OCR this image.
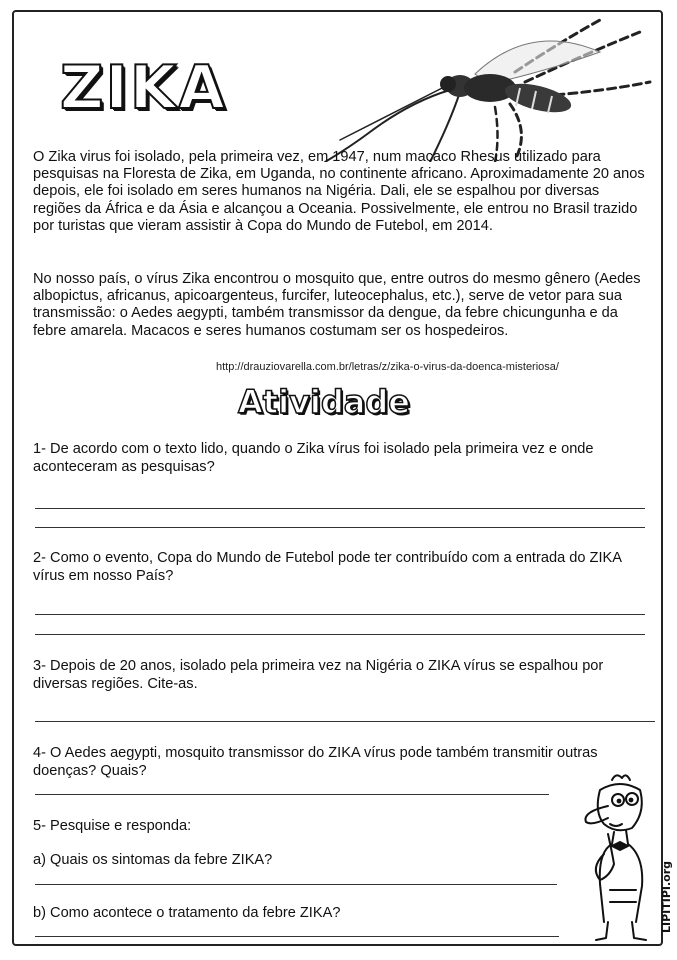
ZIKA

O Zika virus foi isolado, pela primeira vez, em 1947, num macaco Rhesus utilizado para pesquisas na Floresta de Zika, em Uganda, no continente africano. Aproximadamente 20 anos depois, ele foi isolado em seres humanos na Nigéria. Dali, ele se espalhou por diversas regiões da África e da Ásia e alcançou a Oceania. Possivelmente, ele entrou no Brasil trazido por turistas que vieram assistir à Copa do Mundo de Futebol, em 2014.

No nosso país, o vírus Zika encontrou o mosquito que, entre outros do mesmo gênero (Aedes albopictus, africanus, apicoargenteus, furcifer, luteocephalus, etc.), serve de vetor para sua transmissão: o Aedes aegypti, também transmissor da dengue, da febre chicungunha e da febre amarela. Macacos e seres humanos costumam ser os hospedeiros.

http://drauziovarella.com.br/letras/z/zika-o-virus-da-doenca-misteriosa/
Atividade

1- De acordo com o texto lido, quando o Zika vírus foi isolado pela primeira vez e onde aconteceram as pesquisas?

2- Como o evento, Copa do Mundo de Futebol pode ter contribuído com a entrada do ZIKA vírus em nosso País?

3- Depois de 20 anos, isolado pela primeira vez na Nigéria o ZIKA vírus se espalhou por diversas regiões. Cite-as.

4- O Aedes aegypti, mosquito transmissor do ZIKA vírus pode também transmitir outras doenças? Quais?

5- Pesquise e responda:

a) Quais os sintomas da febre ZIKA?

b) Como acontece o tratamento da febre ZIKA?	LIPITIPI.org
